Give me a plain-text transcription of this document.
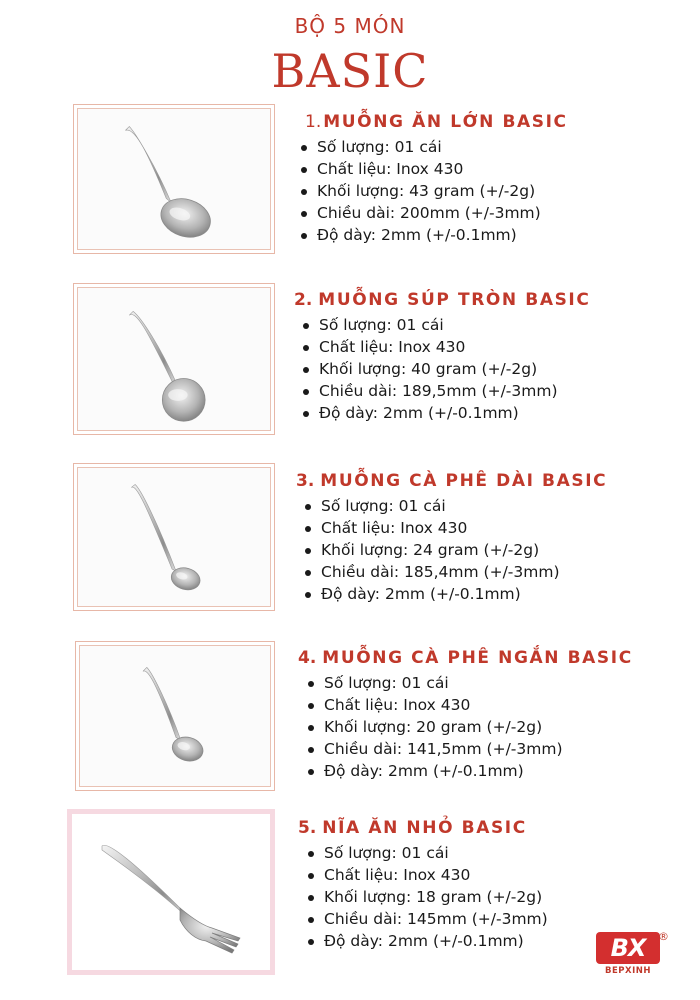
BỘ 5 MÓN
BASIC
1. MUỖNG ĂN LỚN BASIC
Số lượng: 01 cái
Chất liệu: Inox 430
Khối lượng: 43 gram (+/-2g)
Chiều dài: 200mm (+/-3mm)
Độ dày: 2mm (+/-0.1mm)
2. MUỖNG SÚP TRÒN BASIC
Số lượng: 01 cái
Chất liệu: Inox 430
Khối lượng: 40 gram (+/-2g)
Chiều dài: 189,5mm (+/-3mm)
Độ dày: 2mm (+/-0.1mm)
3. MUỖNG CÀ PHÊ DÀI BASIC
Số lượng: 01 cái
Chất liệu: Inox 430
Khối lượng: 24 gram (+/-2g)
Chiều dài: 185,4mm (+/-3mm)
Độ dày: 2mm (+/-0.1mm)
4. MUỖNG CÀ PHÊ NGẮN BASIC
Số lượng: 01 cái
Chất liệu: Inox 430
Khối lượng: 20 gram (+/-2g)
Chiều dài: 141,5mm (+/-3mm)
Độ dày: 2mm (+/-0.1mm)
5. NĨA ĂN NHỎ BASIC
Số lượng: 01 cái
Chất liệu: Inox 430
Khối lượng: 18 gram (+/-2g)
Chiều dài: 145mm (+/-3mm)
Độ dày: 2mm (+/-0.1mm)	BX	®
BEPXINH
